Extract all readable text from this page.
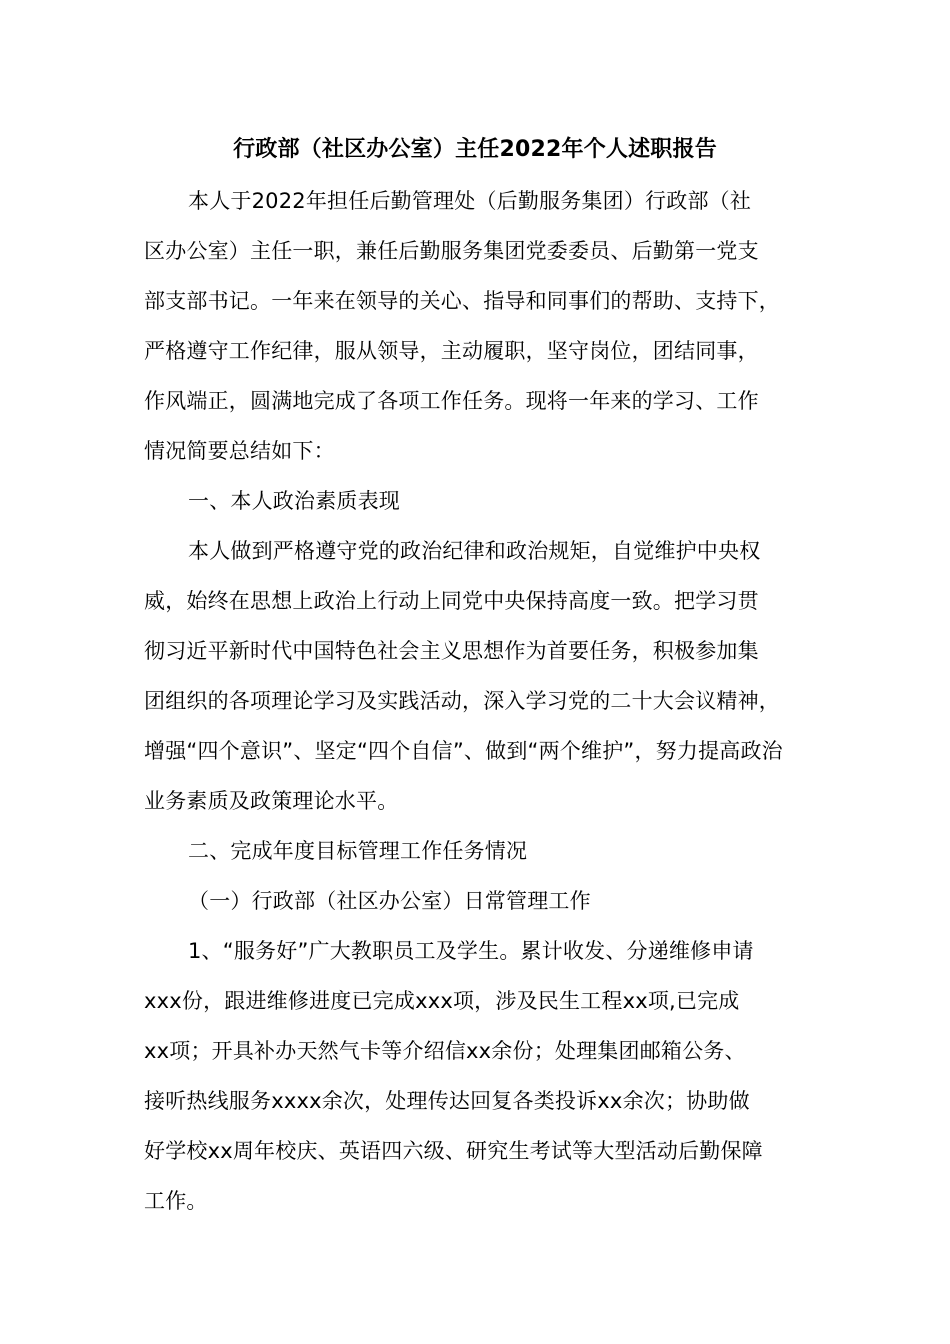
行政部（社区办公室）主任2022年个人述职报告
本人于2022年担任后勤管理处（后勤服务集团）行政部（社
区办公室）主任一职，兼任后勤服务集团党委委员、后勤第一党支
部支部书记。一年来在领导的关心、指导和同事们的帮助、支持下，
严格遵守工作纪律，服从领导，主动履职，坚守岗位，团结同事，
作风端正，圆满地完成了各项工作任务。现将一年来的学习、工作
情况简要总结如下：
一、本人政治素质表现
本人做到严格遵守党的政治纪律和政治规矩，自觉维护中央权
威，始终在思想上政治上行动上同党中央保持高度一致。把学习贯
彻习近平新时代中国特色社会主义思想作为首要任务，积极参加集
团组织的各项理论学习及实践活动，深入学习党的二十大会议精神，
增强“四个意识”、坚定“四个自信”、做到“两个维护”，努力提高政治
业务素质及政策理论水平。
二、完成年度目标管理工作任务情况
（一）行政部（社区办公室）日常管理工作
1、“服务好”广大教职员工及学生。累计收发、分递维修申请
xxx份，跟进维修进度已完成xxx项，涉及民生工程xx项,已完成
xx项；开具补办天然气卡等介绍信xx余份；处理集团邮箱公务、
接听热线服务xxxx余次，处理传达回复各类投诉xx余次；协助做
好学校xx周年校庆、英语四六级、研究生考试等大型活动后勤保障
工作。
